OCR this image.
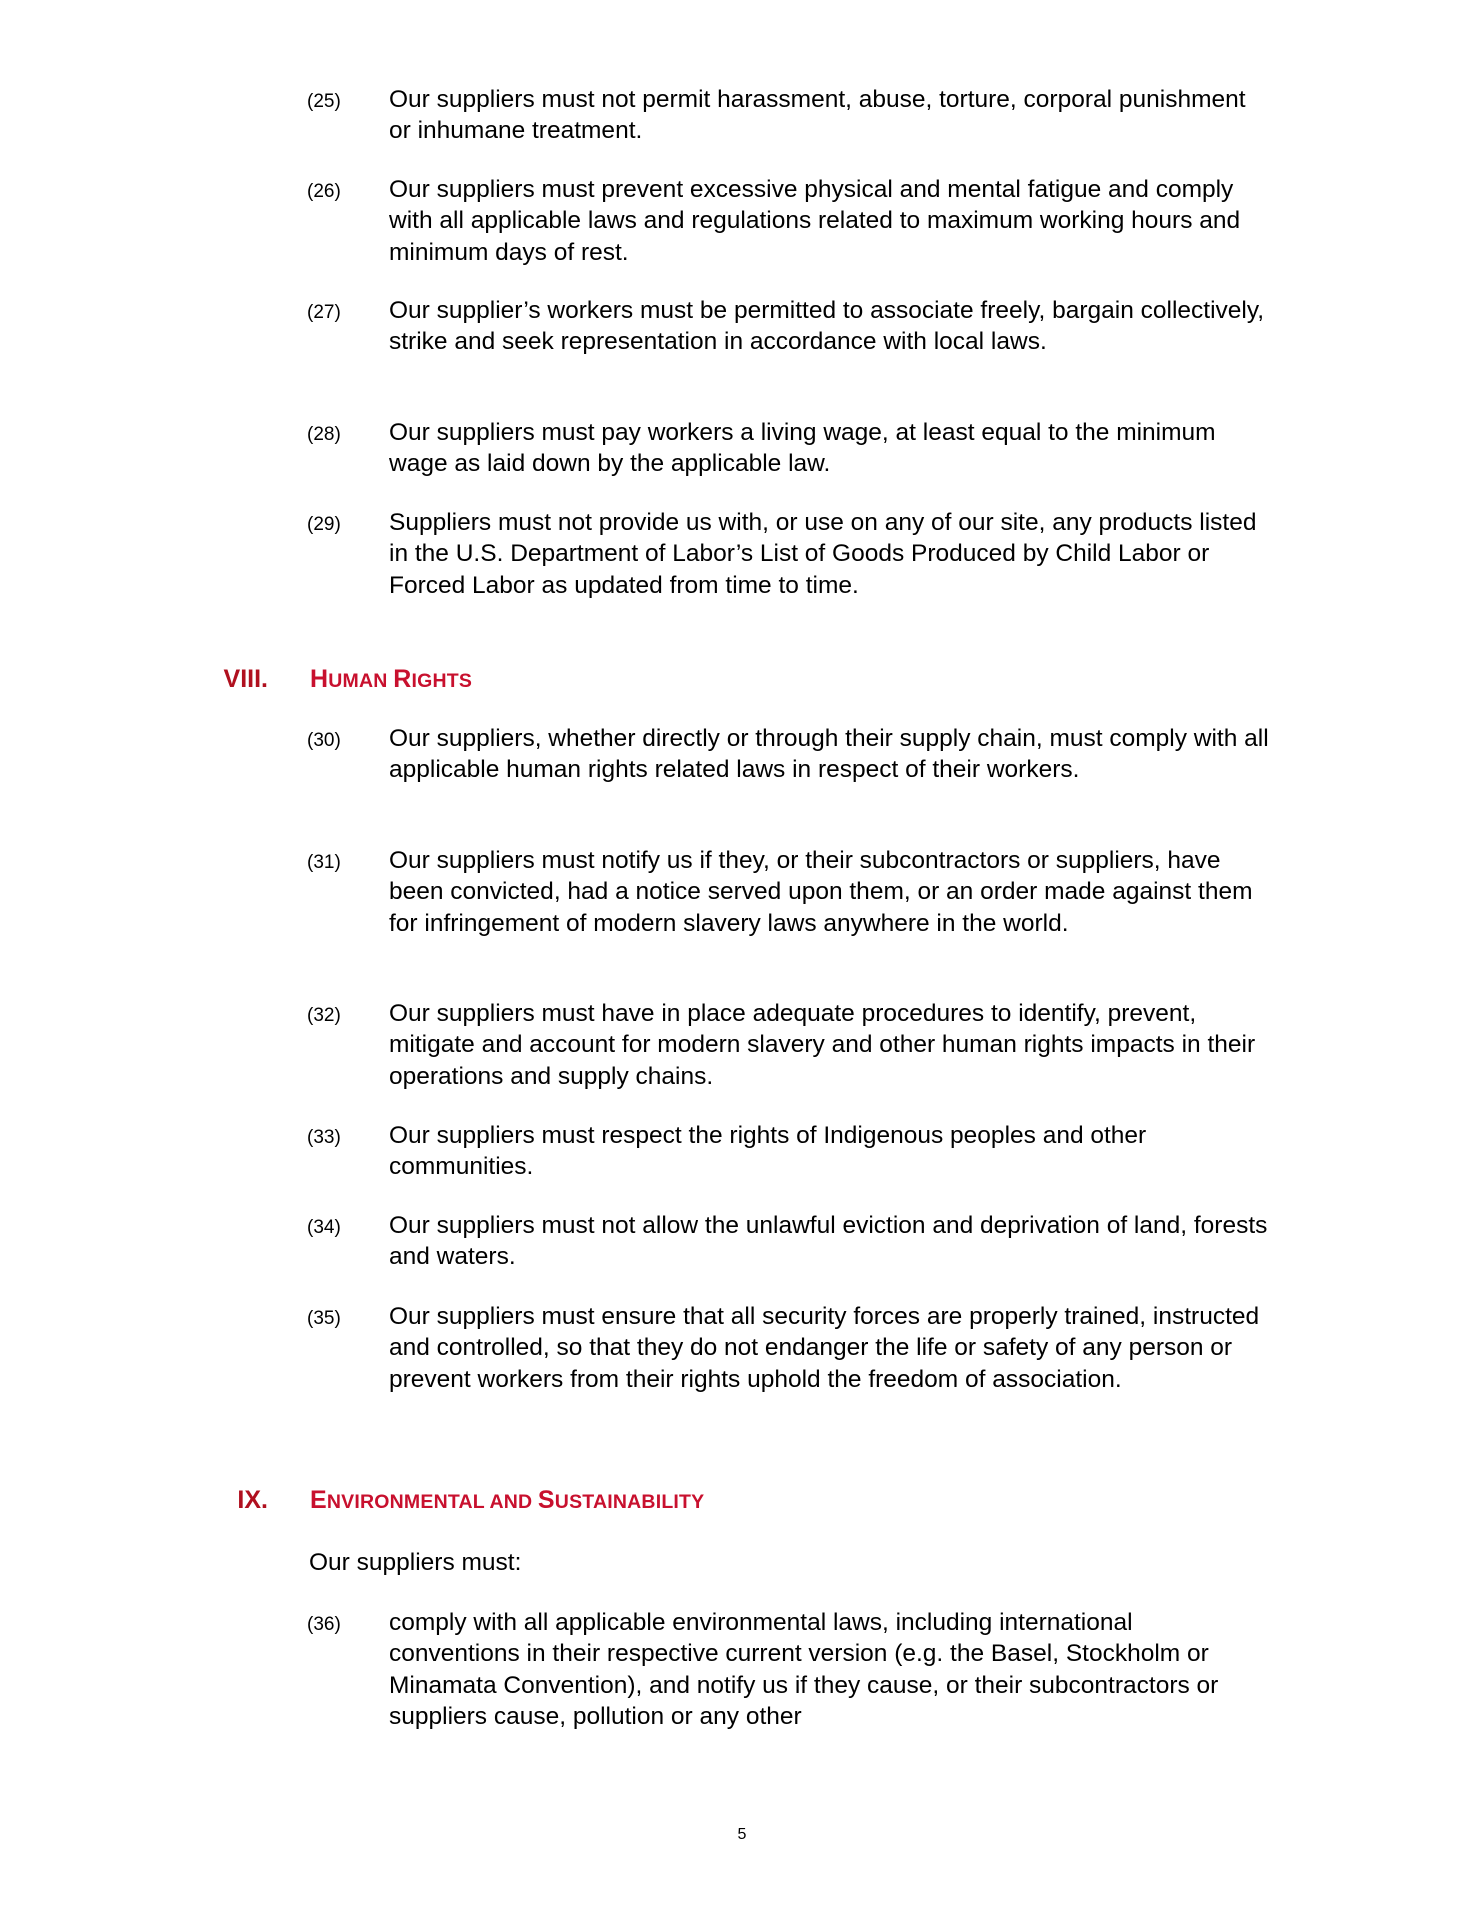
(25) Our suppliers must not permit harassment, abuse, torture, corporal punishment or inhumane treatment.
(26) Our suppliers must prevent excessive physical and mental fatigue and comply with all applicable laws and regulations related to maximum working hours and minimum days of rest.
(27) Our supplier’s workers must be permitted to associate freely, bargain collectively, strike and seek representation in accordance with local laws.
(28) Our suppliers must pay workers a living wage, at least equal to the minimum wage as laid down by the applicable law.
(29) Suppliers must not provide us with, or use on any of our site, any products listed in the U.S. Department of Labor’s List of Goods Produced by Child Labor or Forced Labor as updated from time to time.
VIII. HUMAN RIGHTS
(30) Our suppliers, whether directly or through their supply chain, must comply with all applicable human rights related laws in respect of their workers.
(31) Our suppliers must notify us if they, or their subcontractors or suppliers, have been convicted, had a notice served upon them, or an order made against them for infringement of modern slavery laws anywhere in the world.
(32) Our suppliers must have in place adequate procedures to identify, prevent, mitigate and account for modern slavery and other human rights impacts in their operations and supply chains.
(33) Our suppliers must respect the rights of Indigenous peoples and other communities.
(34) Our suppliers must not allow the unlawful eviction and deprivation of land, forests and waters.
(35) Our suppliers must ensure that all security forces are properly trained, instructed and controlled, so that they do not endanger the life or safety of any person or prevent workers from their rights uphold the freedom of association.
IX. ENVIRONMENTAL AND SUSTAINABILITY
Our suppliers must:
(36) comply with all applicable environmental laws, including international conventions in their respective current version (e.g. the Basel, Stockholm or Minamata Convention), and notify us if they cause, or their subcontractors or suppliers cause, pollution or any other
5
